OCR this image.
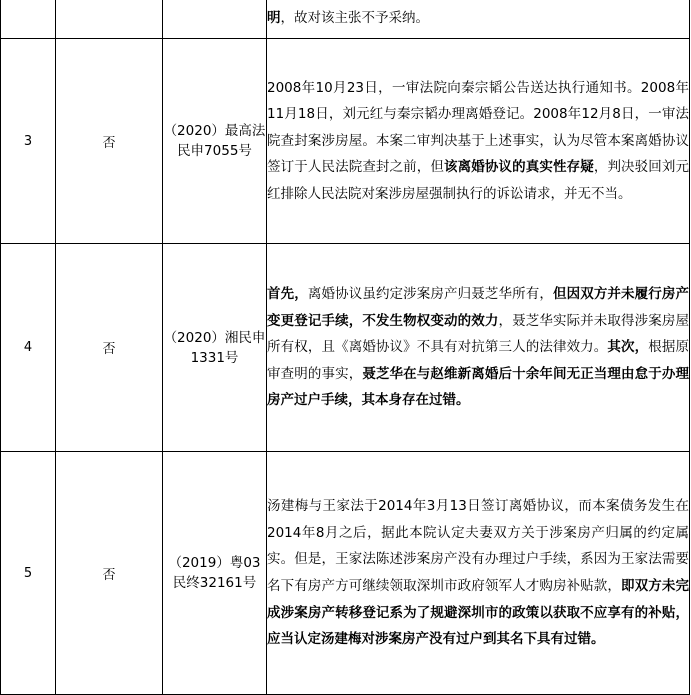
			明，故对该主张不予采纳。

3	否	（2020）最高法民申7055号	2008年10月23日，一审法院向秦宗韬公告送达执行通知书。2008年11月18日，刘元红与秦宗韬办理离婚登记。2008年12月8日，一审法院查封案涉房屋。本案二审判决基于上述事实，认为尽管本案离婚协议签订于人民法院查封之前，但该离婚协议的真实性存疑，判决驳回刘元红排除人民法院对案涉房屋强制执行的诉讼请求，并无不当。

4	否	（2020）湘民申1331号	首先，离婚协议虽约定涉案房产归聂芝华所有，但因双方并未履行房产变更登记手续，不发生物权变动的效力，聂芝华实际并未取得涉案房屋所有权，且《离婚协议》不具有对抗第三人的法律效力。其次，根据原审查明的事实，聂芝华在与赵维新离婚后十余年间无正当理由怠于办理房产过户手续，其本身存在过错。

5	否	（2019）粤03民终32161号	汤建梅与王家法于2014年3月13日签订离婚协议，而本案债务发生在2014年8月之后，据此本院认定夫妻双方关于涉案房产归属的约定属实。但是，王家法陈述涉案房产没有办理过户手续，系因为王家法需要名下有房产方可继续领取深圳市政府领军人才购房补贴款，即双方未完成涉案房产转移登记系为了规避深圳市的政策以获取不应享有的补贴，应当认定汤建梅对涉案房产没有过户到其名下具有过错。
